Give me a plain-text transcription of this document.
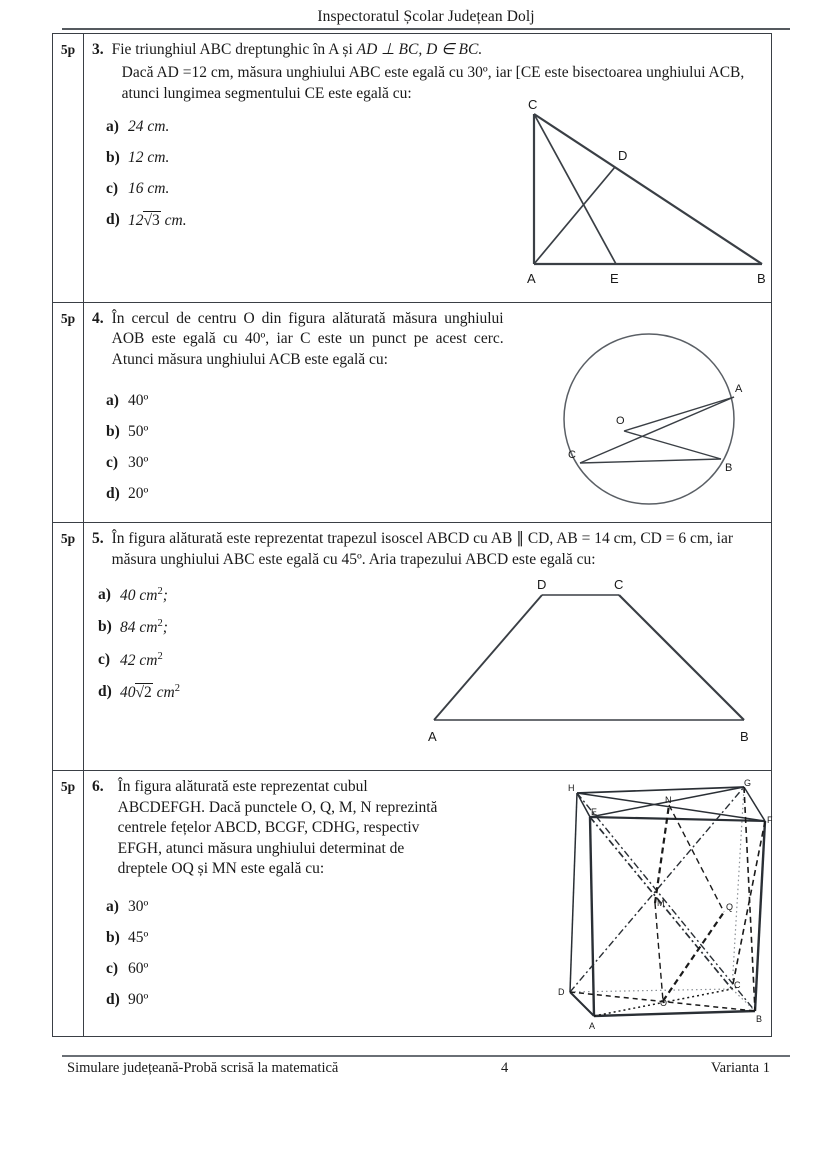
Inspectoratul Școlar Județean Dolj
5p	3. Fie triunghiul ABC dreptunghic în A și AD ⊥ BC, D ∈ BC.
Dacă AD =12 cm, măsura unghiului ABC este egală cu 30º, iar [CE este bisectoarea unghiului ACB, atunci lungimea segmentului CE este egală cu:
a) 24 cm.
b) 12 cm.
c) 16 cm.
d) 12√3 cm.
C
D
A	E	B
5p	4. În cercul de centru O din figura alăturată măsura unghiului AOB este egală cu 40º, iar C este un punct pe acest cerc. Atunci măsura unghiului ACB este egală cu:
a) 40º
b) 50º
c) 30º
d) 20º
O
A
B
C
5p	5. În figura alăturată este reprezentat trapezul isoscel ABCD cu AB ∥ CD, AB = 14 cm, CD = 6 cm, iar măsura unghiului ABC este egală cu 45º. Aria trapezului ABCD este egală cu:
a) 40 $cm^2$;
b) 84 $cm^2$;
c) 42 $cm^2$
d) 40√2 $cm^2$
D	C
A	B
5p	6. În figura alăturată este reprezentat cubul ABCDEFGH. Dacă punctele O, Q, M, N reprezintă centrele fețelor ABCD, BCGF, CDHG, respectiv EFGH, atunci măsura unghiului determinat de dreptele OQ și MN este egală cu:
a) 30º
b) 45º
c) 60º
d) 90º
H	G
E
F
N
M	Q
D
C
O
A
B
Simulare județeană-Probă scrisă la matematică	4	Varianta 1
